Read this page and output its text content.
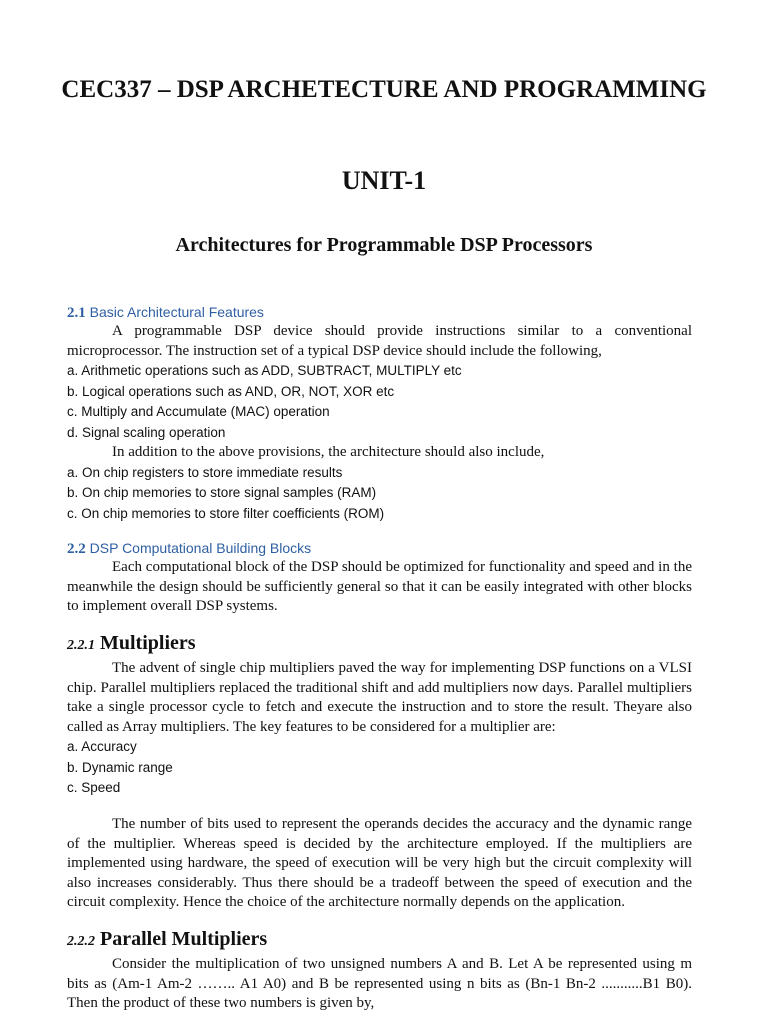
CEC337 – DSP ARCHETECTURE AND PROGRAMMING
UNIT-1
Architectures for Programmable DSP Processors
2.1 Basic Architectural Features

A programmable DSP device should provide instructions similar to a conventional microprocessor. The instruction set of a typical DSP device should include the following,

a. Arithmetic operations such as ADD, SUBTRACT, MULTIPLY etc
b. Logical operations such as AND, OR, NOT, XOR etc
c. Multiply and Accumulate (MAC) operation
d. Signal scaling operation

In addition to the above provisions, the architecture should also include,

a. On chip registers to store immediate results
b. On chip memories to store signal samples (RAM)
c. On chip memories to store filter coefficients (ROM)
2.2 DSP Computational Building Blocks

Each computational block of the DSP should be optimized for functionality and speed and in the meanwhile the design should be sufficiently general so that it can be easily integrated with other blocks to implement overall DSP systems.

2.2.1 Multipliers

The advent of single chip multipliers paved the way for implementing DSP functions on a VLSI chip. Parallel multipliers replaced the traditional shift and add multipliers now days. Parallel multipliers take a single processor cycle to fetch and execute the instruction and to store the result. Theyare also called as Array multipliers. The key features to be considered for a multiplier are:

a. Accuracy
b. Dynamic range
c. Speed

The number of bits used to represent the operands decides the accuracy and the dynamic range of the multiplier. Whereas speed is decided by the architecture employed. If the multipliers are implemented using hardware, the speed of execution will be very high but the circuit complexity will also increases considerably. Thus there should be a tradeoff between the speed of execution and the circuit complexity. Hence the choice of the architecture normally depends on the application.

2.2.2 Parallel Multipliers

Consider the multiplication of two unsigned numbers A and B. Let A be represented using m bits as (Am-1 Am-2 …….. A1 A0) and B be represented using n bits as (Bn-1 Bn-2 ...........B1 B0). Then the product of these two numbers is given by,
